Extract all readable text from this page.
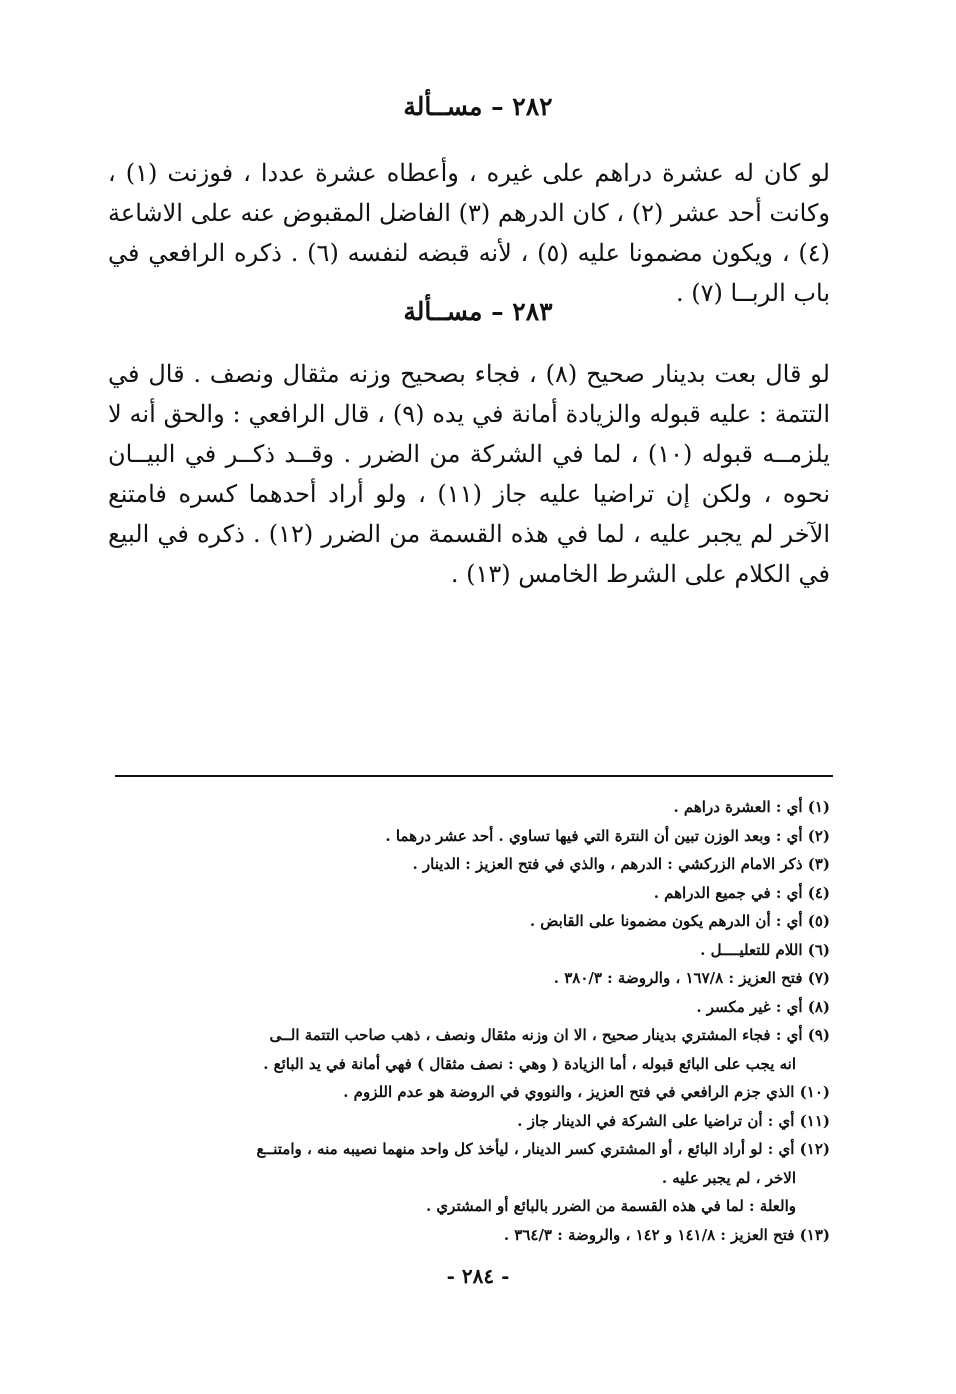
٢٨٢ – مســألة
لو كان له عشرة دراهم على غيره ، وأعطاه عشرة عددا ، فوزنت (١) ، وكانت أحد عشر (٢) ، كان الدرهم (٣) الفاضل المقبوض عنه على الاشاعة (٤) ، ويكون مضمونا عليه (٥) ، لأنه قبضه لنفسه (٦) . ذكره الرافعي في باب الربــا (٧) .
٢٨٣ – مســألة
لو قال بعت بدينار صحيح (٨) ، فجاء بصحيح وزنه مثقال ونصف . قال في التتمة : عليه قبوله والزيادة أمانة في يده (٩) ، قال الرافعي : والحق أنه لا يلزمــه قبوله (١٠) ، لما في الشركة من الضرر . وقــد ذكــر في البيــان نحوه ، ولكن إن تراضيا عليه جاز (١١) ، ولو أراد أحدهما كسره فامتنع الآخر لم يجبر عليه ، لما في هذه القسمة من الضرر (١٢) . ذكره في البيع في الكلام على الشرط الخامس (١٣) .
(١) أي : العشرة دراهم .
(٢) أي : وبعد الوزن تبين أن النترة التي فيها تساوي . أحد عشر درهما .
(٣) ذكر الامام الزركشي : الدرهم ، والذي في فتح العزيز : الدينار .
(٤) أي : في جميع الدراهم .
(٥) أي : أن الدرهم يكون مضمونا على القابض .
(٦) اللام للتعليــــل .
(٧) فتح العزيز : ١٦٧/٨ ، والروضة : ٣٨٠/٣ .
(٨) أي : غير مكسر .
(٩) أي : فجاء المشتري بدينار صحيح ، الا ان وزنه مثقال ونصف ، ذهب صاحب التتمة الــى
انه يجب على البائع قبوله ، أما الزيادة ( وهي : نصف مثقال ) فهي أمانة في يد البائع .
(١٠) الذي جزم الرافعي في فتح العزيز ، والنووي في الروضة هو عدم اللزوم .
(١١) أي : أن تراضيا على الشركة في الدينار جاز .
(١٢) أي : لو أراد البائع ، أو المشتري كسر الدينار ، ليأخذ كل واحد منهما نصيبه منه ، وامتنــع
الاخر ، لم يجبر عليه .
والعلة : لما في هذه القسمة من الضرر بالبائع أو المشتري .
(١٣) فتح العزيز : ١٤١/٨ و ١٤٢ ، والروضة : ٣٦٤/٣ .
- ٢٨٤ -
